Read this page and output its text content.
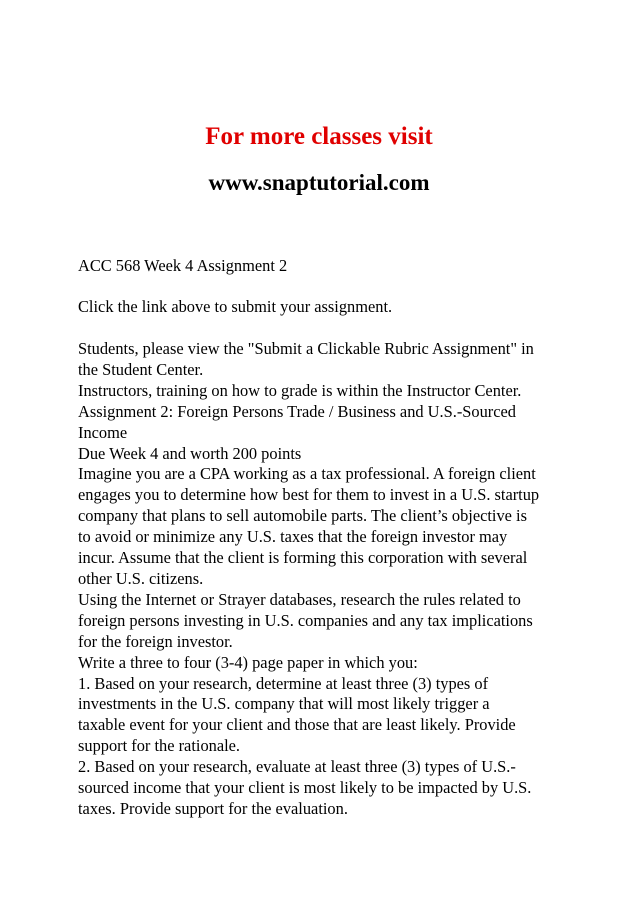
For more classes visit
www.snaptutorial.com
ACC 568 Week 4 Assignment 2
Click the link above to submit your assignment.
Students, please view the "Submit a Clickable Rubric Assignment" in
the Student Center.
Instructors, training on how to grade is within the Instructor Center.
Assignment 2: Foreign Persons Trade / Business and U.S.-Sourced
Income
Due Week 4 and worth 200 points
Imagine you are a CPA working as a tax professional. A foreign client
engages you to determine how best for them to invest in a U.S. startup
company that plans to sell automobile parts. The client’s objective is
to avoid or minimize any U.S. taxes that the foreign investor may
incur. Assume that the client is forming this corporation with several
other U.S. citizens.
Using the Internet or Strayer databases, research the rules related to
foreign persons investing in U.S. companies and any tax implications
for the foreign investor.
Write a three to four (3-4) page paper in which you:
1. Based on your research, determine at least three (3) types of
investments in the U.S. company that will most likely trigger a
taxable event for your client and those that are least likely. Provide
support for the rationale.
2. Based on your research, evaluate at least three (3) types of U.S.-
sourced income that your client is most likely to be impacted by U.S.
taxes. Provide support for the evaluation.
